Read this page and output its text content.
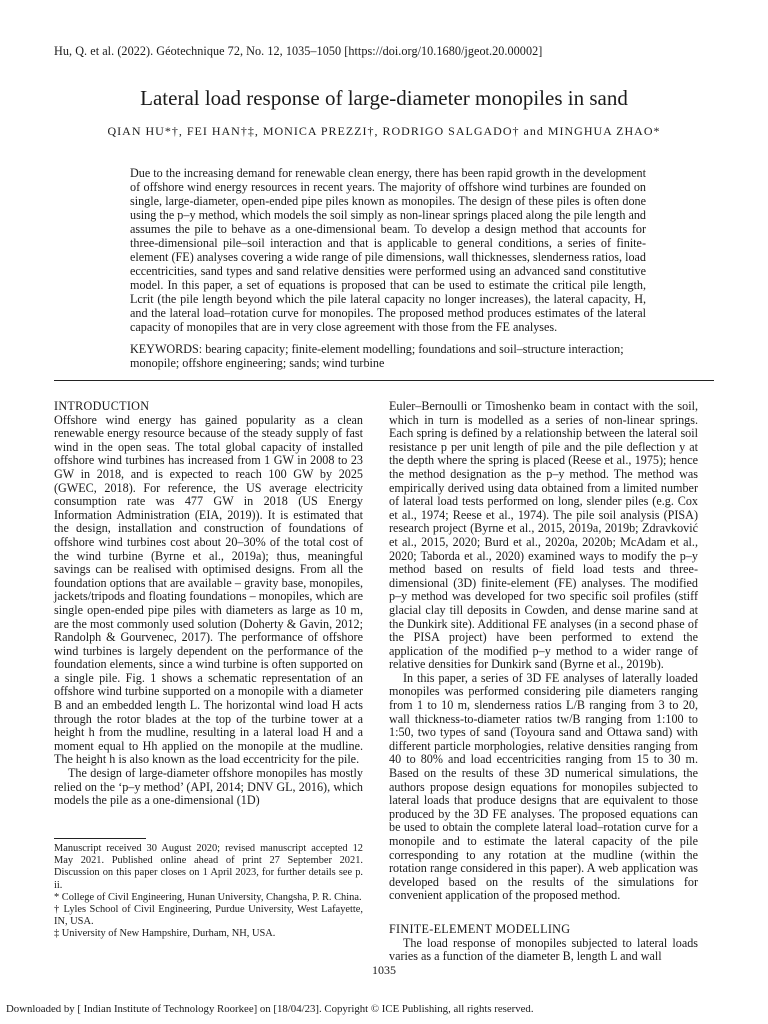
Hu, Q. et al. (2022). Géotechnique 72, No. 12, 1035–1050 [https://doi.org/10.1680/jgeot.20.00002]
Lateral load response of large-diameter monopiles in sand
QIAN HU*†, FEI HAN†‡, MONICA PREZZI†, RODRIGO SALGADO† and MINGHUA ZHAO*

Due to the increasing demand for renewable clean energy, there has been rapid growth in the development of offshore wind energy resources in recent years. The majority of offshore wind turbines are founded on single, large-diameter, open-ended pipe piles known as monopiles. The design of these piles is often done using the p–y method, which models the soil simply as non-linear springs placed along the pile length and assumes the pile to behave as a one-dimensional beam. To develop a design method that accounts for three-dimensional pile–soil interaction and that is applicable to general conditions, a series of finite-element (FE) analyses covering a wide range of pile dimensions, wall thicknesses, slenderness ratios, load eccentricities, sand types and sand relative densities were performed using an advanced sand constitutive model. In this paper, a set of equations is proposed that can be used to estimate the critical pile length, Lcrit (the pile length beyond which the pile lateral capacity no longer increases), the lateral capacity, H, and the lateral load–rotation curve for monopiles. The proposed method produces estimates of the lateral capacity of monopiles that are in very close agreement with those from the FE analyses.

KEYWORDS: bearing capacity; finite-element modelling; foundations and soil–structure interaction; monopile; offshore engineering; sands; wind turbine

INTRODUCTION

Offshore wind energy has gained popularity as a clean renewable energy resource because of the steady supply of fast wind in the open seas. The total global capacity of installed offshore wind turbines has increased from 1 GW in 2008 to 23 GW in 2018, and is expected to reach 100 GW by 2025 (GWEC, 2018). For reference, the US average electricity consumption rate was 477 GW in 2018 (US Energy Information Administration (EIA, 2019)). It is estimated that the design, installation and construction of foundations of offshore wind turbines cost about 20–30% of the total cost of the wind turbine (Byrne et al., 2019a); thus, meaningful savings can be realised with optimised designs. From all the foundation options that are available – gravity base, monopiles, jackets/tripods and floating foundations – monopiles, which are single open-ended pipe piles with diameters as large as 10 m, are the most commonly used solution (Doherty & Gavin, 2012; Randolph & Gourvenec, 2017). The performance of offshore wind turbines is largely dependent on the performance of the foundation elements, since a wind turbine is often supported on a single pile. Fig. 1 shows a schematic representation of an offshore wind turbine supported on a monopile with a diameter B and an embedded length L. The horizontal wind load H acts through the rotor blades at the top of the turbine tower at a height h from the mudline, resulting in a lateral load H and a moment equal to Hh applied on the monopile at the mudline. The height h is also known as the load eccentricity for the pile.

The design of large-diameter offshore monopiles has mostly relied on the ‘p–y method’ (API, 2014; DNV GL, 2016), which models the pile as a one-dimensional (1D)

Euler–Bernoulli or Timoshenko beam in contact with the soil, which in turn is modelled as a series of non-linear springs. Each spring is defined by a relationship between the lateral soil resistance p per unit length of pile and the pile deflection y at the depth where the spring is placed (Reese et al., 1975); hence the method designation as the p–y method. The method was empirically derived using data obtained from a limited number of lateral load tests performed on long, slender piles (e.g. Cox et al., 1974; Reese et al., 1974). The pile soil analysis (PISA) research project (Byrne et al., 2015, 2019a, 2019b; Zdravković et al., 2015, 2020; Burd et al., 2020a, 2020b; McAdam et al., 2020; Taborda et al., 2020) examined ways to modify the p–y method based on results of field load tests and three-dimensional (3D) finite-element (FE) analyses. The modified p–y method was developed for two specific soil profiles (stiff glacial clay till deposits in Cowden, and dense marine sand at the Dunkirk site). Additional FE analyses (in a second phase of the PISA project) have been performed to extend the application of the modified p–y method to a wider range of relative densities for Dunkirk sand (Byrne et al., 2019b).

In this paper, a series of 3D FE analyses of laterally loaded monopiles was performed considering pile diameters ranging from 1 to 10 m, slenderness ratios L/B ranging from 3 to 20, wall thickness-to-diameter ratios tw/B ranging from 1:100 to 1:50, two types of sand (Toyoura sand and Ottawa sand) with different particle morphologies, relative densities ranging from 40 to 80% and load eccentricities ranging from 15 to 30 m. Based on the results of these 3D numerical simulations, the authors propose design equations for monopiles subjected to lateral loads that produce designs that are equivalent to those produced by the 3D FE analyses. The proposed equations can be used to obtain the complete lateral load–rotation curve for a monopile and to estimate the lateral capacity of the pile corresponding to any rotation at the mudline (within the rotation range considered in this paper). A web application was developed based on the results of the simulations for convenient application of the proposed method.

FINITE-ELEMENT MODELLING

The load response of monopiles subjected to lateral loads varies as a function of the diameter B, length L and wall

Manuscript received 30 August 2020; revised manuscript accepted 12 May 2021. Published online ahead of print 27 September 2021. Discussion on this paper closes on 1 April 2023, for further details see p. ii.

* College of Civil Engineering, Hunan University, Changsha, P. R. China.

† Lyles School of Civil Engineering, Purdue University, West Lafayette, IN, USA.

‡ University of New Hampshire, Durham, NH, USA.

1035
Downloaded by [ Indian Institute of Technology Roorkee] on [18/04/23]. Copyright © ICE Publishing, all rights reserved.
